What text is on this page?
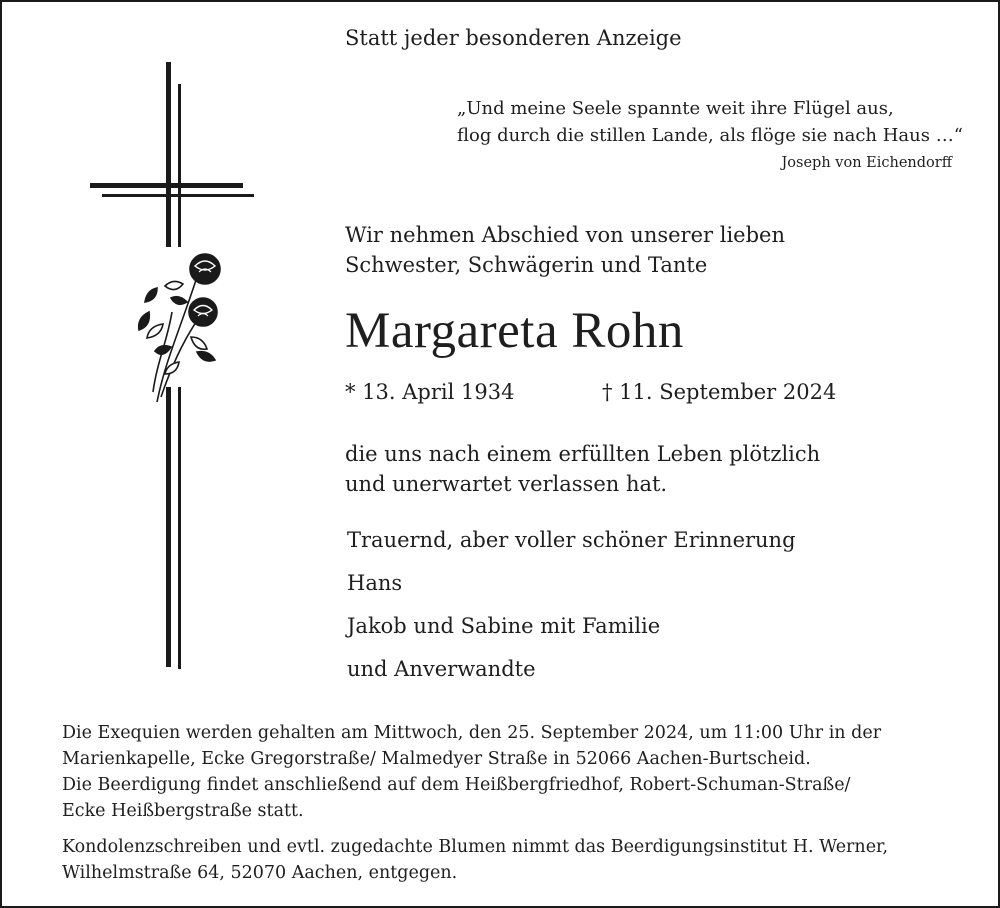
Statt jeder besonderen Anzeige
„Und meine Seele spannte weit ihre Flügel aus,
flog durch die stillen Lande, als flöge sie nach Haus …“
Joseph von Eichendorff
Wir nehmen Abschied von unserer lieben
Schwester, Schwägerin und Tante
Margareta Rohn
* 13. April 1934	† 11. September 2024
die uns nach einem erfüllten Leben plötzlich
und unerwartet verlassen hat.
Trauernd, aber voller schöner Erinnerung
Hans
Jakob und Sabine mit Familie
und Anverwandte
Die Exequien werden gehalten am Mittwoch, den 25. September 2024, um 11:00 Uhr in der
Marienkapelle, Ecke Gregorstraße/ Malmedyer Straße in 52066 Aachen-Burtscheid.
Die Beerdigung findet anschließend auf dem Heißbergfriedhof, Robert-Schuman-Straße/
Ecke Heißbergstraße statt.
Kondolenzschreiben und evtl. zugedachte Blumen nimmt das Beerdigungsinstitut H. Werner,
Wilhelmstraße 64, 52070 Aachen, entgegen.
